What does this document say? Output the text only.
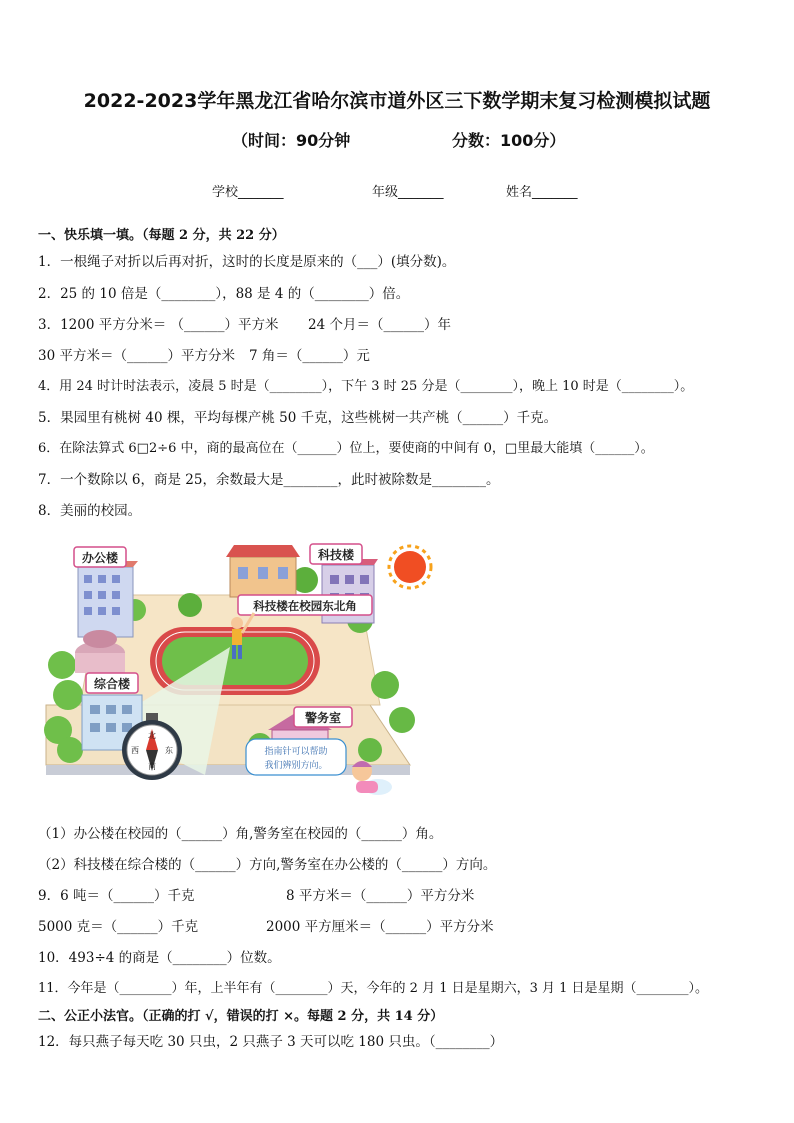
2022-2023学年黑龙江省哈尔滨市道外区三下数学期末复习检测模拟试题
（时间：90分钟	分数：100分）
学校_______	年级_______	姓名_______
一、快乐填一填。（每题 2 分，共 22 分）
1．一根绳子对折以后再对折，这时的长度是原来的（___）(填分数)。
2．25 的 10 倍是（________），88 是 4 的（________）倍。
3．1200 平方分米＝ （______）平方米 24 个月＝（______）年
30 平方米＝（______）平方分米 7 角＝（______）元
4．用 24 时计时法表示，凌晨 5 时是（________），下午 3 时 25 分是（________），晚上 10 时是（________）。
5．果园里有桃树 40 棵，平均每棵产桃 50 千克，这些桃树一共产桃（______）千克。
6．在除法算式 6□2÷6 中，商的最高位在（______）位上，要使商的中间有 0，□里最大能填（______）。
7．一个数除以 6，商是 25，余数最大是________，此时被除数是________。
8．美丽的校园。
办公楼	科技楼
科技楼在校园东北角
综合楼
警务室
北
南
西	东	指南针可以帮助
我们辨别方向。
（1）办公楼在校园的（______）角,警务室在校园的（______）角。
（2）科技楼在综合楼的（______）方向,警务室在办公楼的（______）方向。
9．6 吨＝（______）千克	8 平方米＝（______）平方分米
5000 克＝（______）千克	2000 平方厘米＝（______）平方分米
10．493÷4 的商是（________）位数。
11．今年是（________）年，上半年有（________）天，今年的 2 月 1 日是星期六，3 月 1 日是星期（________）。
二、公正小法官。（正确的打 √，错误的打 ×。每题 2 分，共 14 分）
12．每只燕子每天吃 30 只虫，2 只燕子 3 天可以吃 180 只虫。（________）
